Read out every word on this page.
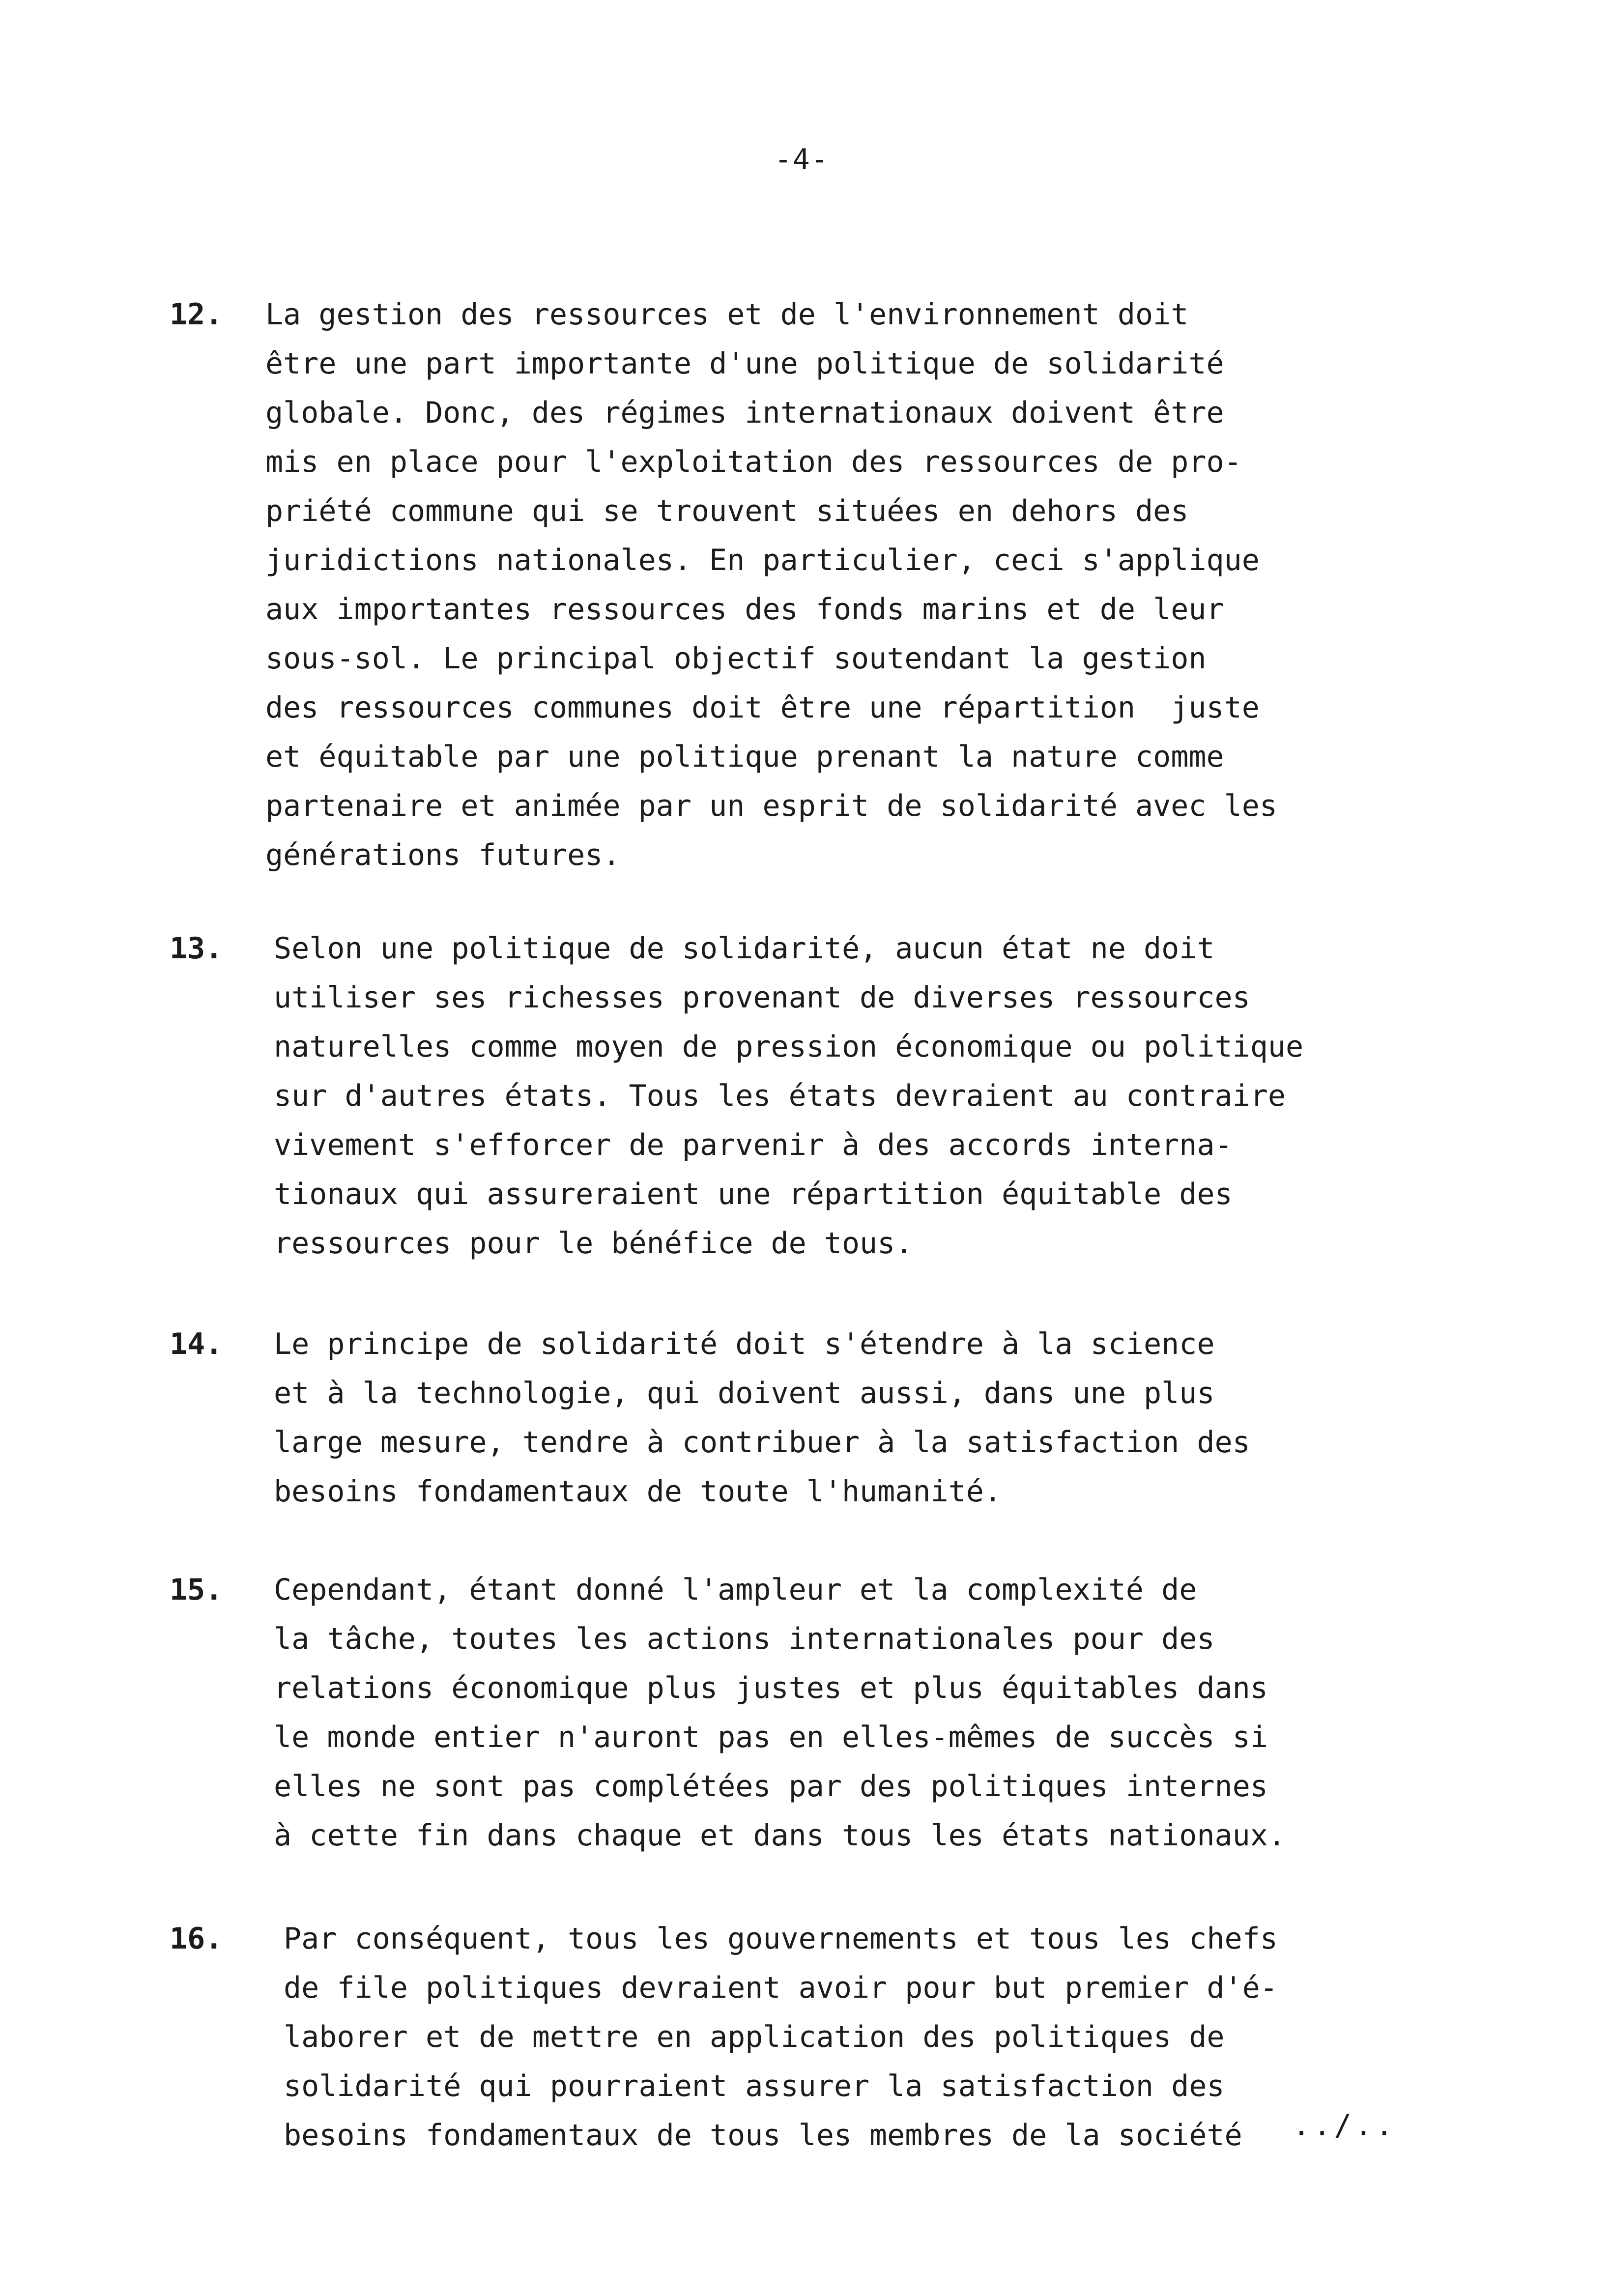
-4-
12. La gestion des ressources et de l'environnement doit
être une part importante d'une politique de solidarité
globale. Donc, des régimes internationaux doivent être
mis en place pour l'exploitation des ressources de pro-
priété commune qui se trouvent situées en dehors des
juridictions nationales. En particulier, ceci s'applique
aux importantes ressources des fonds marins et de leur
sous-sol. Le principal objectif soutendant la gestion
des ressources communes doit être une répartition  juste
et équitable par une politique prenant la nature comme
partenaire et animée par un esprit de solidarité avec les
générations futures.
13. Selon une politique de solidarité, aucun état ne doit
utiliser ses richesses provenant de diverses ressources
naturelles comme moyen de pression économique ou politique
sur d'autres états. Tous les états devraient au contraire
vivement s'efforcer de parvenir à des accords interna-
tionaux qui assureraient une répartition équitable des
ressources pour le bénéfice de tous.
14. Le principe de solidarité doit s'étendre à la science
et à la technologie, qui doivent aussi, dans une plus
large mesure, tendre à contribuer à la satisfaction des
besoins fondamentaux de toute l'humanité.
15. Cependant, étant donné l'ampleur et la complexité de
la tâche, toutes les actions internationales pour des
relations économique plus justes et plus équitables dans
le monde entier n'auront pas en elles-mêmes de succès si
elles ne sont pas complétées par des politiques internes
à cette fin dans chaque et dans tous les états nationaux.
16. Par conséquent, tous les gouvernements et tous les chefs
de file politiques devraient avoir pour but premier d'é-
laborer et de mettre en application des politiques de
solidarité qui pourraient assurer la satisfaction des
besoins fondamentaux de tous les membres de la société	../..
